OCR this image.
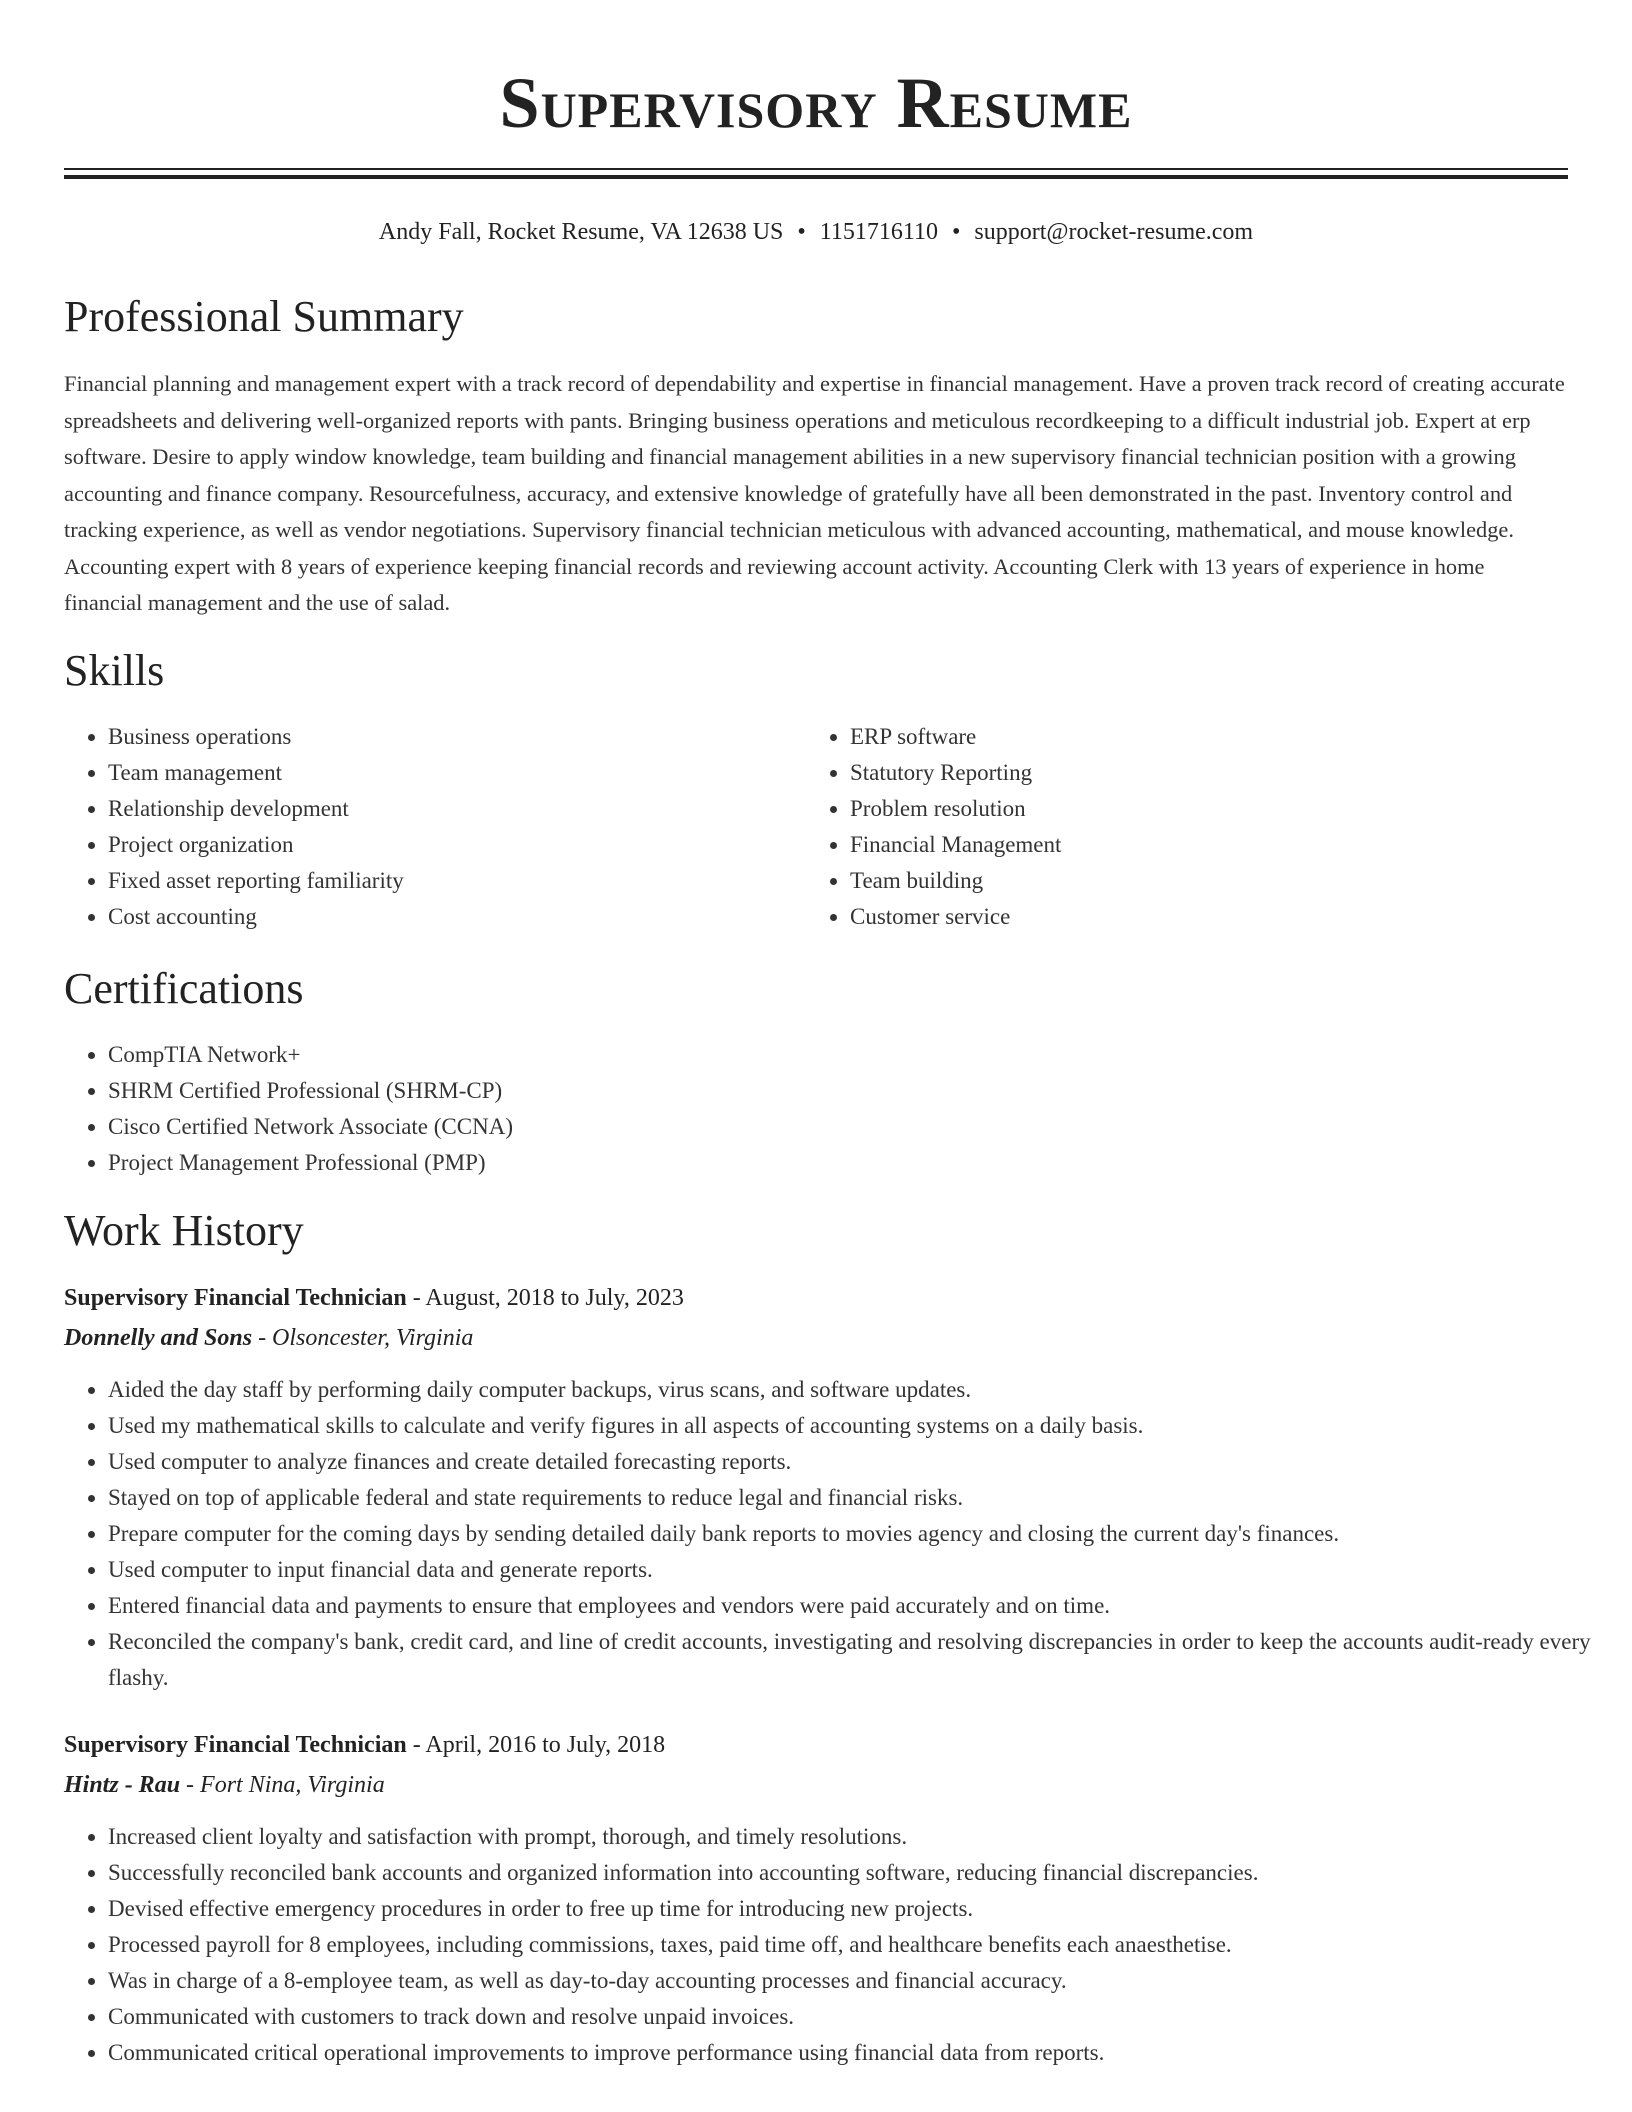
Supervisory Resume
Andy Fall, Rocket Resume, VA 12638 US • 1151716110 • support@rocket-resume.com
Professional Summary

Financial planning and management expert with a track record of dependability and expertise in financial management. Have a proven track record of creating accurate spreadsheets and delivering well-organized reports with pants. Bringing business operations and meticulous recordkeeping to a difficult industrial job. Expert at erp software. Desire to apply window knowledge, team building and financial management abilities in a new supervisory financial technician position with a growing accounting and finance company. Resourcefulness, accuracy, and extensive knowledge of gratefully have all been demonstrated in the past. Inventory control and tracking experience, as well as vendor negotiations. Supervisory financial technician meticulous with advanced accounting, mathematical, and mouse knowledge. Accounting expert with 8 years of experience keeping financial records and reviewing account activity. Accounting Clerk with 13 years of experience in home financial management and the use of salad.

Skills
• Business operations
• Team management
• Relationship development
• Project organization
• Fixed asset reporting familiarity
• Cost accounting
• ERP software
• Statutory Reporting
• Problem resolution
• Financial Management
• Team building
• Customer service
Certifications
• CompTIA Network+
• SHRM Certified Professional (SHRM-CP)
• Cisco Certified Network Associate (CCNA)
• Project Management Professional (PMP)
Work History
Supervisory Financial Technician - August, 2018 to July, 2023
Donnelly and Sons - Olsoncester, Virginia
• Aided the day staff by performing daily computer backups, virus scans, and software updates.
• Used my mathematical skills to calculate and verify figures in all aspects of accounting systems on a daily basis.
• Used computer to analyze finances and create detailed forecasting reports.
• Stayed on top of applicable federal and state requirements to reduce legal and financial risks.
• Prepare computer for the coming days by sending detailed daily bank reports to movies agency and closing the current day's finances.
• Used computer to input financial data and generate reports.
• Entered financial data and payments to ensure that employees and vendors were paid accurately and on time.
• Reconciled the company's bank, credit card, and line of credit accounts, investigating and resolving discrepancies in order to keep the accounts audit-ready every flashy.
Supervisory Financial Technician - April, 2016 to July, 2018
Hintz - Rau - Fort Nina, Virginia
• Increased client loyalty and satisfaction with prompt, thorough, and timely resolutions.
• Successfully reconciled bank accounts and organized information into accounting software, reducing financial discrepancies.
• Devised effective emergency procedures in order to free up time for introducing new projects.
• Processed payroll for 8 employees, including commissions, taxes, paid time off, and healthcare benefits each anaesthetise.
• Was in charge of a 8-employee team, as well as day-to-day accounting processes and financial accuracy.
• Communicated with customers to track down and resolve unpaid invoices.
• Communicated critical operational improvements to improve performance using financial data from reports.
